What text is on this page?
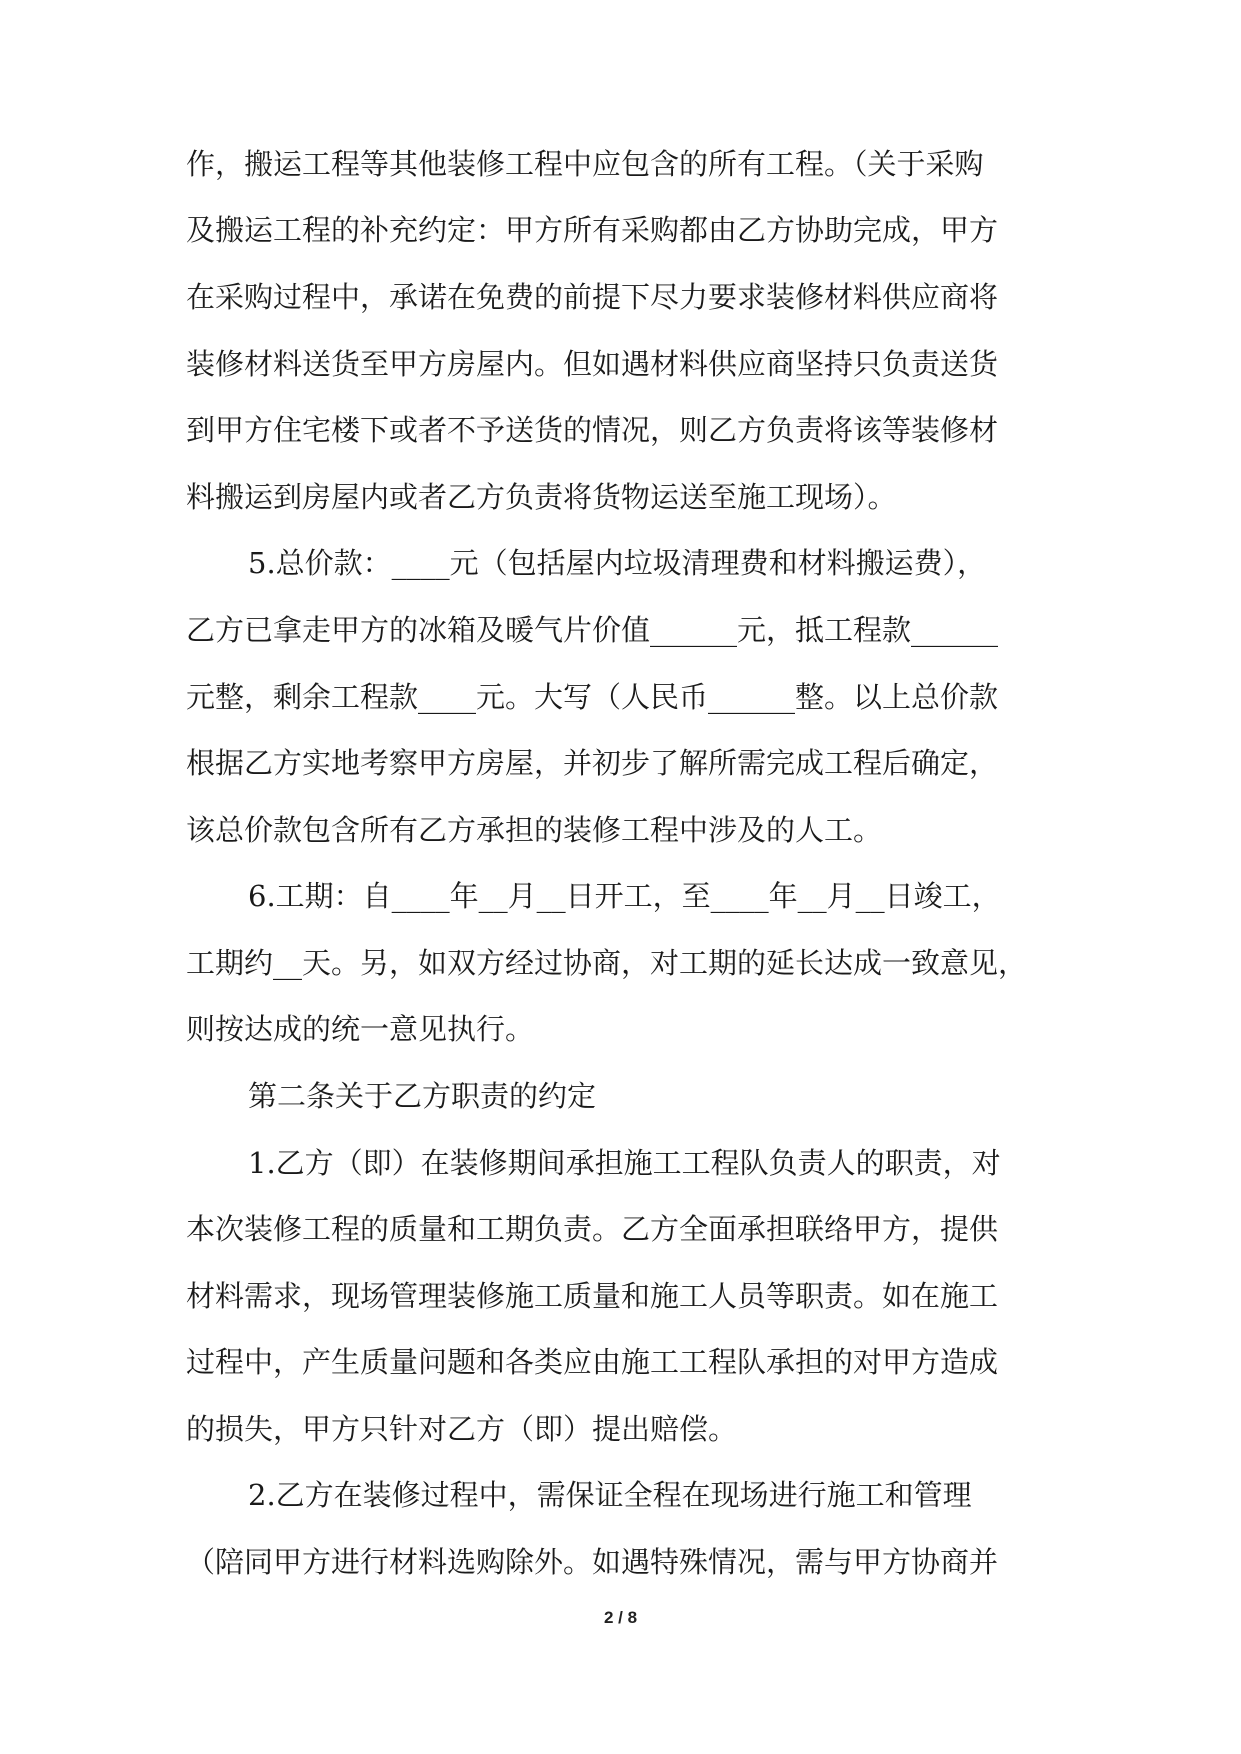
作，搬运工程等其他装修工程中应包含的所有工程。（关于采购
及搬运工程的补充约定：甲方所有采购都由乙方协助完成，甲方
在采购过程中，承诺在免费的前提下尽力要求装修材料供应商将
装修材料送货至甲方房屋内。但如遇材料供应商坚持只负责送货
到甲方住宅楼下或者不予送货的情况，则乙方负责将该等装修材
料搬运到房屋内或者乙方负责将货物运送至施工现场）。
5.总价款：____元（包括屋内垃圾清理费和材料搬运费），
乙方已拿走甲方的冰箱及暖气片价值______元，抵工程款______
元整，剩余工程款____元。大写（人民币______整。以上总价款
根据乙方实地考察甲方房屋，并初步了解所需完成工程后确定，
该总价款包含所有乙方承担的装修工程中涉及的人工。
6.工期：自____年__月__日开工，至____年__月__日竣工，
工期约__天。另，如双方经过协商，对工期的延长达成一致意见，
则按达成的统一意见执行。
第二条关于乙方职责的约定
1.乙方（即）在装修期间承担施工工程队负责人的职责，对
本次装修工程的质量和工期负责。乙方全面承担联络甲方，提供
材料需求，现场管理装修施工质量和施工人员等职责。如在施工
过程中，产生质量问题和各类应由施工工程队承担的对甲方造成
的损失，甲方只针对乙方（即）提出赔偿。
2.乙方在装修过程中，需保证全程在现场进行施工和管理
（陪同甲方进行材料选购除外。如遇特殊情况，需与甲方协商并
2 / 8
